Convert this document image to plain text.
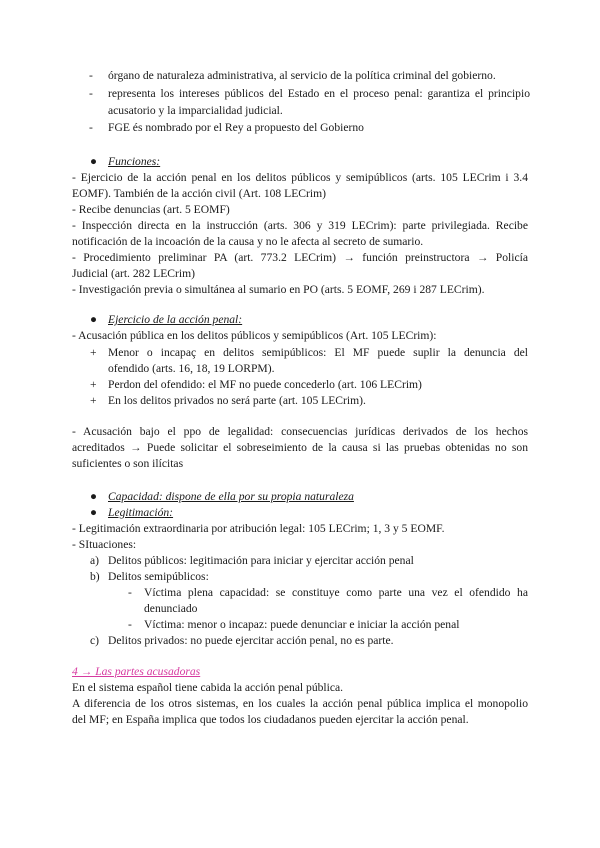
- órgano de naturaleza administrativa, al servicio de la política criminal del gobierno.
- representa los intereses públicos del Estado en el proceso penal: garantiza el principio
acusatorio y la imparcialidad judicial.
- FGE és nombrado por el Rey a propuesto del Gobierno
● Funciones:
- Ejercicio de la acción penal en los delitos públicos y semipúblicos (arts. 105 LECrim i 3.4
EOMF). También de la acción civil (Art. 108 LECrim)
- Recibe denuncias (art. 5 EOMF)
- Inspección directa en la instrucción (arts. 306 y 319 LECrim): parte privilegiada. Recibe
notificación de la incoación de la causa y no le afecta al secreto de sumario.
- Procedimiento preliminar PA (art. 773.2 LECrim) → función preinstructora → Policía
Judicial (art. 282 LECrim)
- Investigación previa o simultánea al sumario en PO (arts. 5 EOMF, 269 i 287 LECrim).
● Ejercicio de la acción penal:
- Acusación pública en los delitos públicos y semipúblicos (Art. 105 LECrim):
+ Menor o incapaç en delitos semipúblicos: El MF puede suplir la denuncia del
ofendido (arts. 16, 18, 19 LORPM).
+ Perdon del ofendido: el MF no puede concederlo (art. 106 LECrim)
+ En los delitos privados no será parte (art. 105 LECrim).
- Acusación bajo el ppo de legalidad: consecuencias jurídicas derivados de los hechos
acreditados → Puede solicitar el sobreseimiento de la causa si las pruebas obtenidas no son
suficientes o son ilícitas
● Capacidad: dispone de ella por su propia naturaleza
● Legitimación:
- Legitimación extraordinaria por atribución legal: 105 LECrim; 1, 3 y 5 EOMF.
- SItuaciones:
a) Delitos públicos: legitimación para iniciar y ejercitar acción penal
b) Delitos semipúblicos:
- Víctima plena capacidad: se constituye como parte una vez el ofendido ha
denunciado
- Víctima: menor o incapaz: puede denunciar e iniciar la acción penal
c) Delitos privados: no puede ejercitar acción penal, no es parte.
4 → Las partes acusadoras
En el sistema español tiene cabida la acción penal pública.
A diferencia de los otros sistemas, en los cuales la acción penal pública implica el monopolio
del MF; en España implica que todos los ciudadanos pueden ejercitar la acción penal.
